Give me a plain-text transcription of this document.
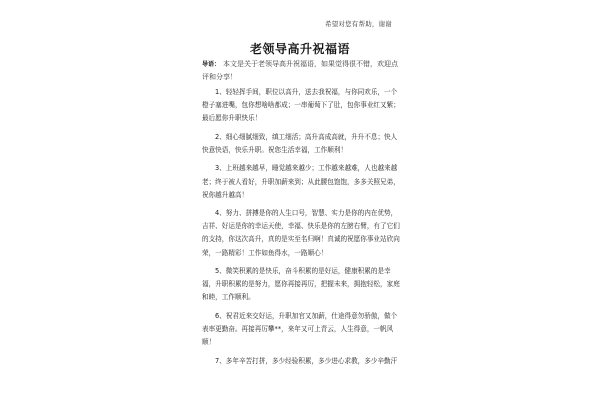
希望对您有帮助，谢谢
老领导高升祝福语
导语： 本文是关于老领导高升祝福语，如果觉得很不错，欢迎点评和分享！

1、轻轻挥手间，职位以高升，送去我祝福，与你同欢乐，一个橙子塞进嘴，包你想啥啥都成；一串葡萄下了肚，包你事业红又紫；最后愿你升职快乐！

2、细心细腻细致，缜工细活；高升高成高就，升升不息；快人快意快语，快乐升职。祝您生活幸福，工作顺利！

3、上班越来越早，睡觉越来越少；工作越来越难，人也越来越老；终于被人看好，升职加薪来到；从此腰包饱饱，多多关照兄弟，祝你越升越高！

4、努力、拼搏是你的人生口号，智慧、实力是你的内在优势，吉祥、好运是你的幸运天使，幸福、快乐是你的左膀右臂，有了它们的支持，你这次高升，真的是实至名归啊！真诚的祝愿你事业站欣向荣，一路精彩！工作如鱼得水，一路顺心！

5、微笑积累的是快乐，奋斗积累的是好运，健康积累的是幸福，升职积累的是努力，愿你再接再厉，把握未来，拥抱轻松，家庭和睦，工作顺利。

6、祝君近来交好运，升职加官又加薪，仕途得意勿骄傲，做个表率更勤奋。再接再厉攀**，来年又可上青云，人生得意，一帆风顺！

7、多年辛苦打拼，多少经验积累，多少进心求教，多少辛勤汗
